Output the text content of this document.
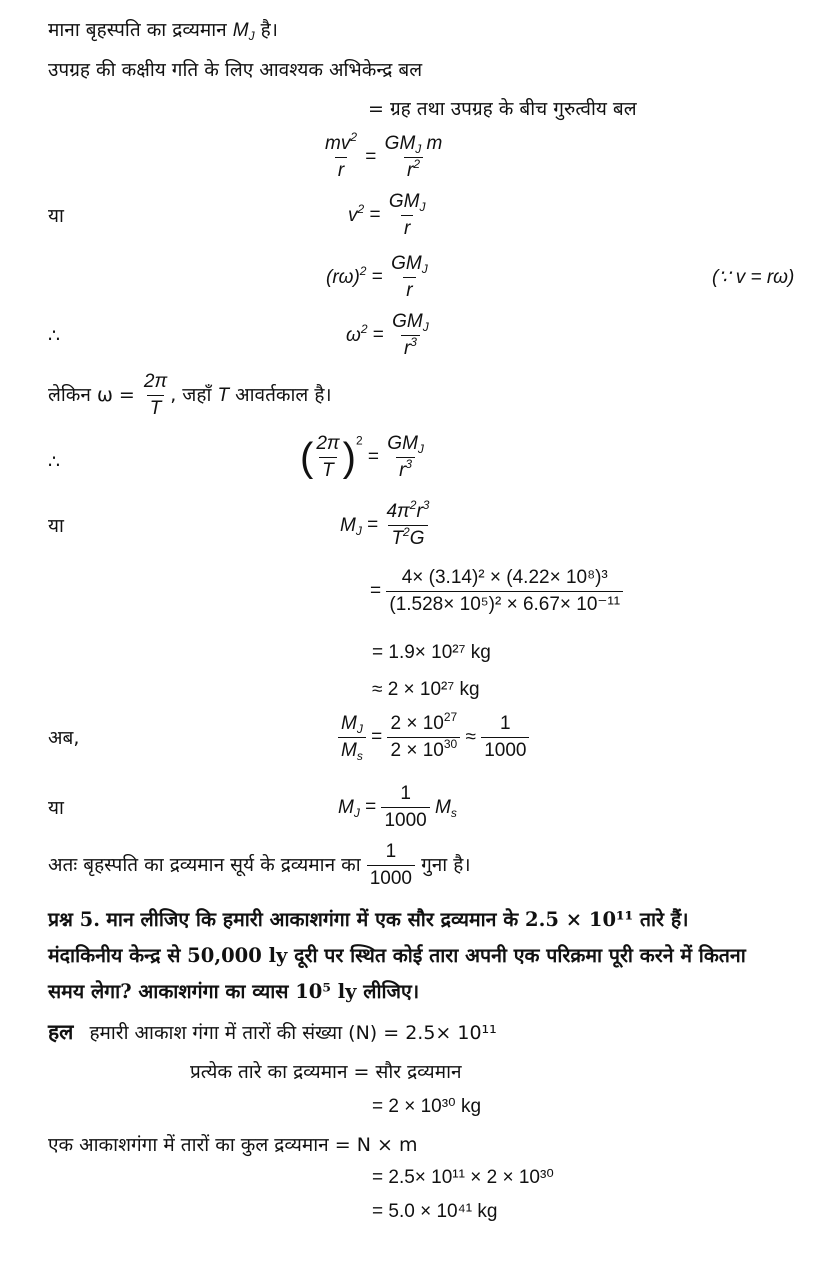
माना बृहस्पति का द्रव्यमान $M_J$ है।
उपग्रह की कक्षीय गति के लिए आवश्यक अभिकेन्द्र बल
= ग्रह तथा उपग्रह के बीच गुरुत्वीय बल
$\frac{mv^2}{r} = \frac{GM_J m}{r^2}$
या	$v^2 = \frac{GM_J}{r}$
$(r\omega)^2 = \frac{GM_J}{r}$	(∵ v = rω)
∴	$\omega^2 = \frac{GM_J}{r^3}$
लेकिन $\omega = \frac{2\pi}{T}$ , जहाँ T आवर्तकाल है।
∴	( $\frac{2\pi}{T} )^2 = \frac{GM_J}{r^3}$
या	$M_J = \frac{4\pi^2r^3}{T^2G}$
= $\frac{\text{4× (3.14)² × (4.22× 10⁸)³}}{\text{(1.528× 10⁵)² × 6.67× 10⁻¹¹}}$
= 1.9× 10²⁷ kg
≈ 2 × 10²⁷ kg
अब,	$\frac{M_J}{M_s} = \frac{2 \times 10^{27}}{2 \times 10^{30}} \approx \frac{1}{1000}$
या	$M_J = \frac{1}{1000} M_s$
अतः बृहस्पति का द्रव्यमान सूर्य के द्रव्यमान का $\frac{1}{1000}$ गुना है।
प्रश्न 5. मान लीजिए कि हमारी आकाशगंगा में एक सौर द्रव्यमान के 2.5 × 10¹¹ तारे हैं।
मंदाकिनीय केन्द्र से 50,000 ly दूरी पर स्थित कोई तारा अपनी एक परिक्रमा पूरी करने में कितना
समय लेगा? आकाशगंगा का व्यास 10⁵ ly लीजिए।
हल हमारी आकाश गंगा में तारों की संख्या (N) = 2.5× 10¹¹
प्रत्येक तारे का द्रव्यमान = सौर द्रव्यमान
= 2 × 10³⁰ kg
एक आकाशगंगा में तारों का कुल द्रव्यमान = N × m
= 2.5× 10¹¹ × 2 × 10³⁰
= 5.0 × 10⁴¹ kg
